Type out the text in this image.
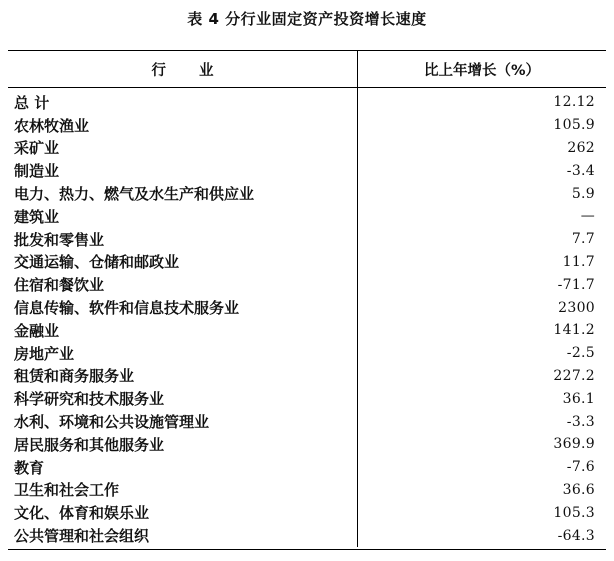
表 4 分行业固定资产投资增长速度
行 业	比上年增长（%）
总 计	12.12
农林牧渔业	105.9
采矿业	262
制造业	-3.4
电力、热力、燃气及水生产和供应业	5.9
建筑业	—
批发和零售业	7.7
交通运输、仓储和邮政业	11.7
住宿和餐饮业	-71.7
信息传输、软件和信息技术服务业	2300
金融业	141.2
房地产业	-2.5
租赁和商务服务业	227.2
科学研究和技术服务业	36.1
水利、环境和公共设施管理业	-3.3
居民服务和其他服务业	369.9
教育	-7.6
卫生和社会工作	36.6
文化、体育和娱乐业	105.3
公共管理和社会组织	-64.3
